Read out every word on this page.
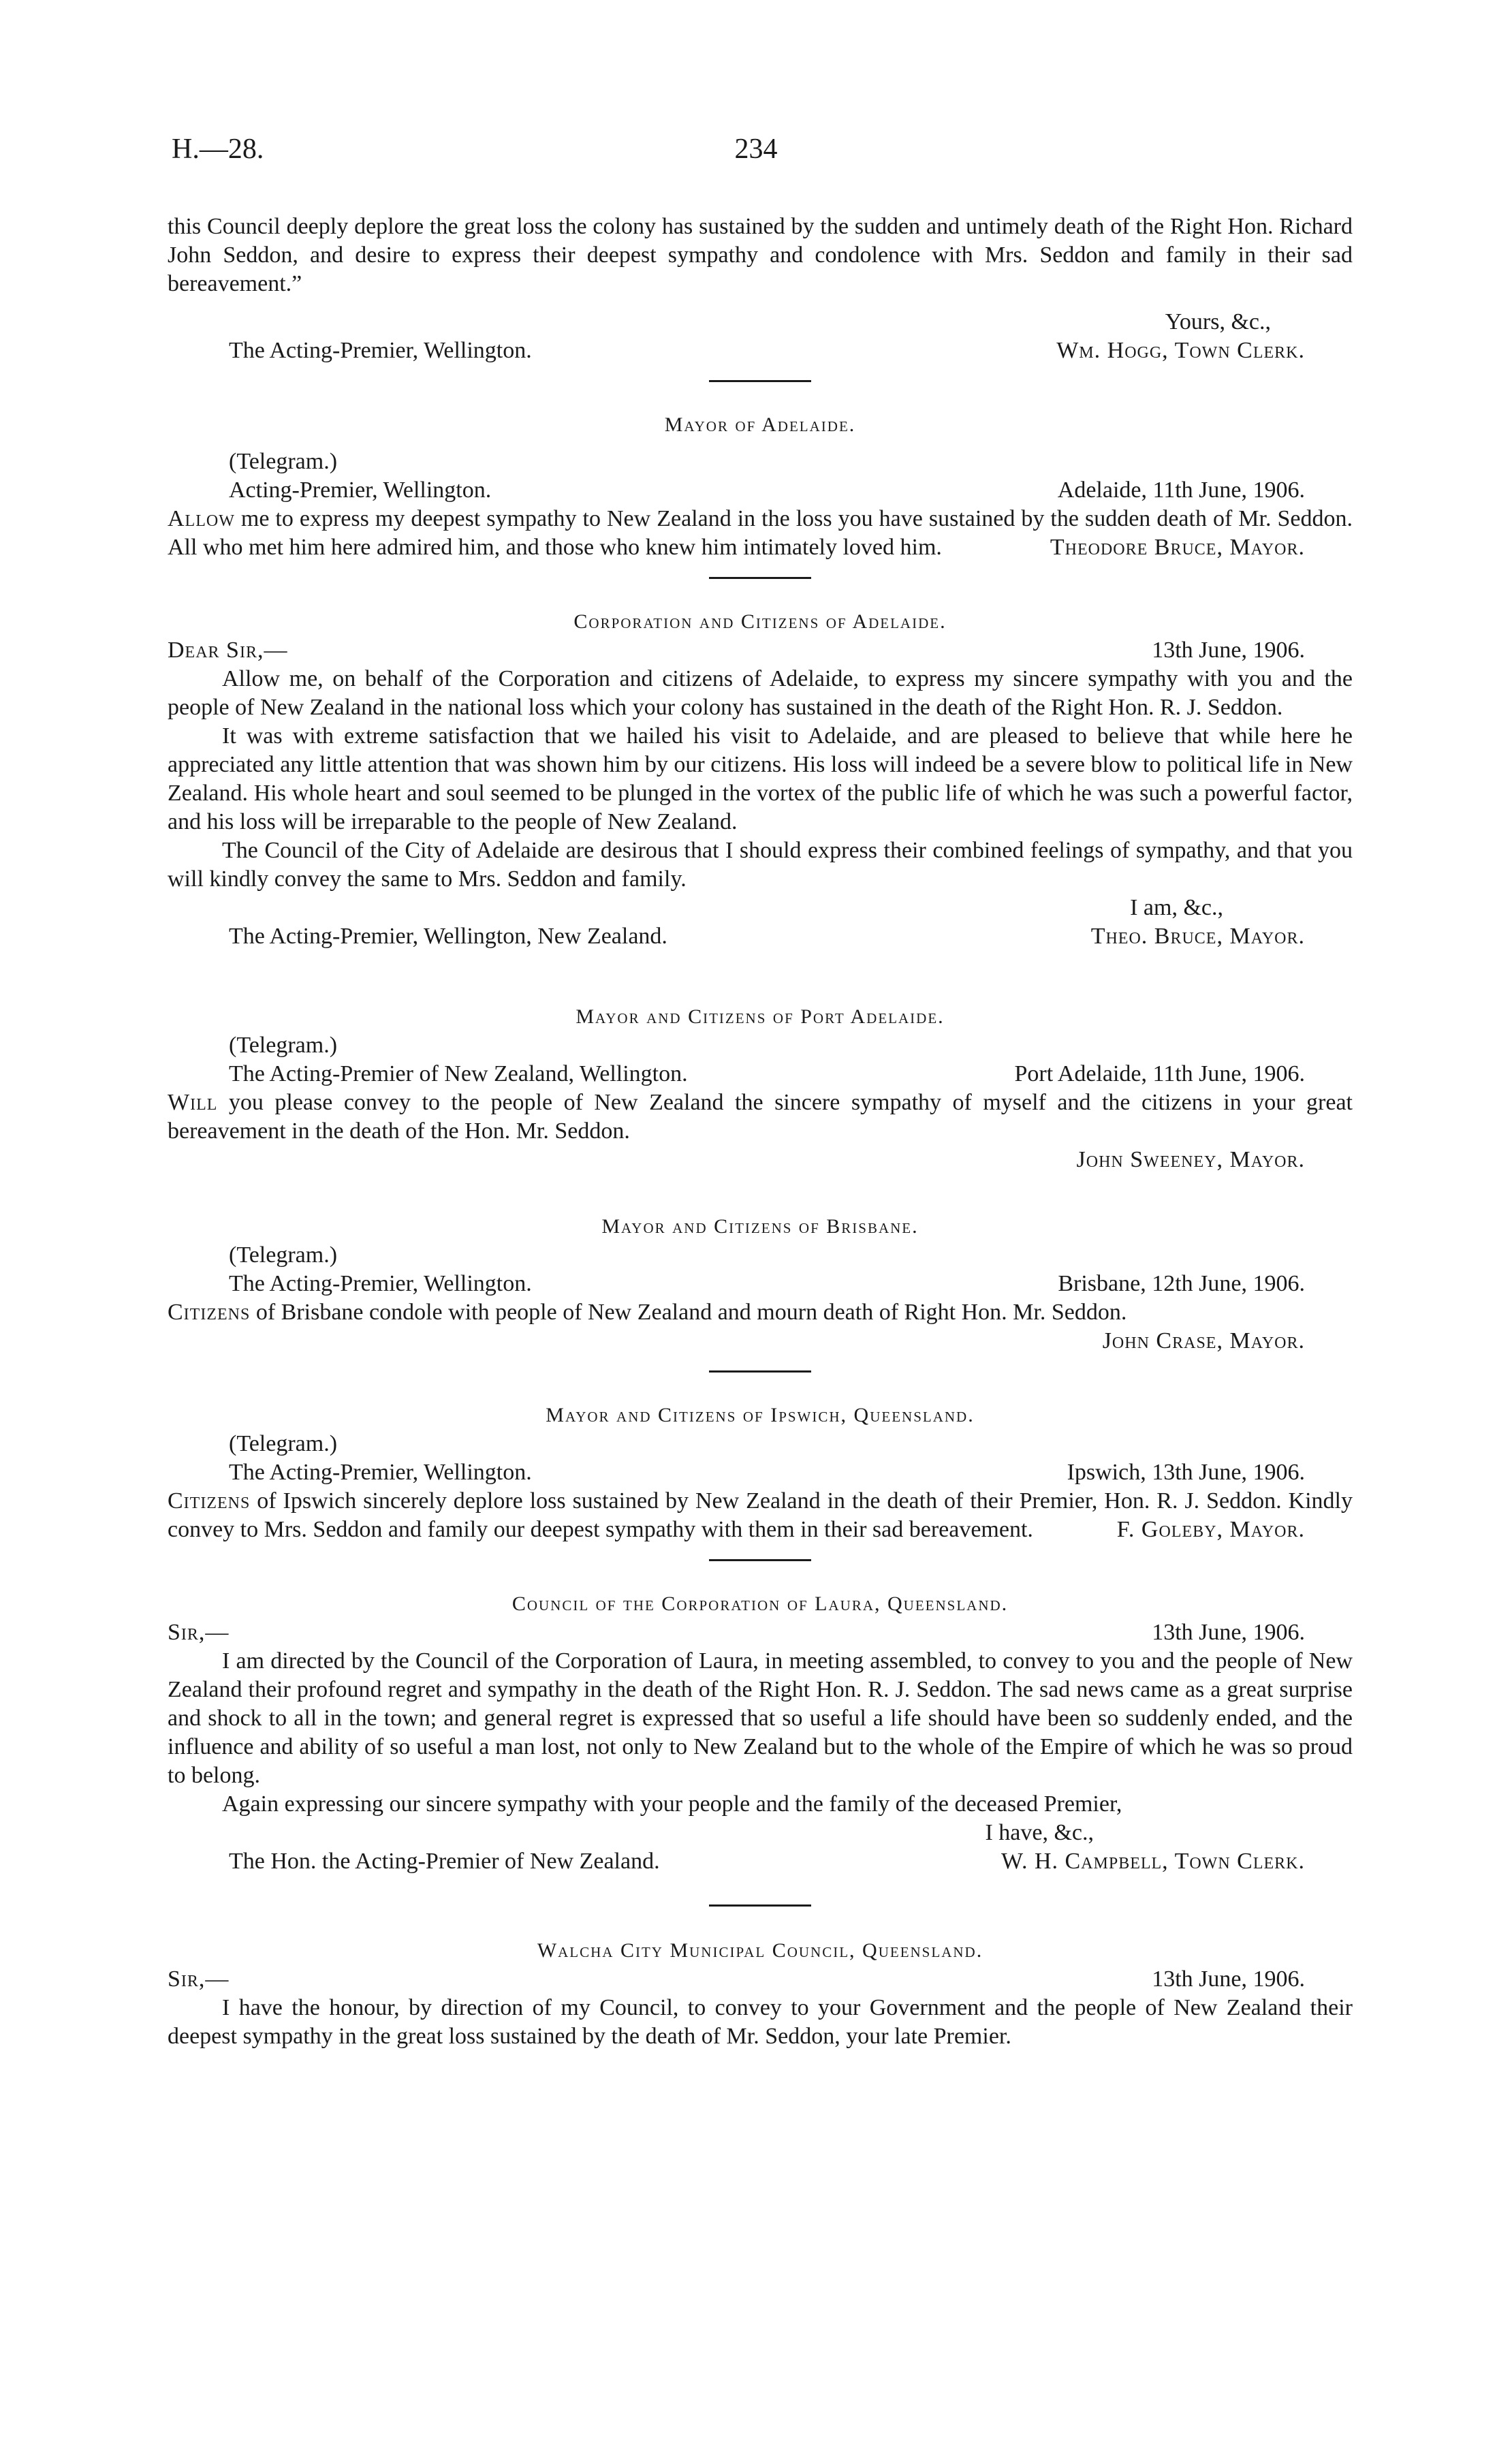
H.—28.	234

this Council deeply deplore the great loss the colony has sustained by the sudden and untimely death of the Right Hon. Richard John Seddon, and desire to express their deepest sympathy and condolence with Mrs. Seddon and family in their sad bereavement.”

Yours, &c.,

The Acting-Premier, Wellington.	Wm. Hogg, Town Clerk.

Mayor of Adelaide.

(Telegram.)

Acting-Premier, Wellington.	Adelaide, 11th June, 1906.

Allow me to express my deepest sympathy to New Zealand in the loss you have sustained by the sudden death of Mr. Seddon. All who met him here admired him, and those who knew him intimately loved him.	Theodore Bruce, Mayor.

Corporation and Citizens of Adelaide.

Dear Sir,—	13th June, 1906.

Allow me, on behalf of the Corporation and citizens of Adelaide, to express my sincere sympathy with you and the people of New Zealand in the national loss which your colony has sustained in the death of the Right Hon. R. J. Seddon.

It was with extreme satisfaction that we hailed his visit to Adelaide, and are pleased to believe that while here he appreciated any little attention that was shown him by our citizens. His loss will indeed be a severe blow to political life in New Zealand. His whole heart and soul seemed to be plunged in the vortex of the public life of which he was such a powerful factor, and his loss will be irreparable to the people of New Zealand.

The Council of the City of Adelaide are desirous that I should express their combined feelings of sympathy, and that you will kindly convey the same to Mrs. Seddon and family.

I am, &c.,

The Acting-Premier, Wellington, New Zealand.	Theo. Bruce, Mayor.

Mayor and Citizens of Port Adelaide.

(Telegram.)

The Acting-Premier of New Zealand, Wellington.	Port Adelaide, 11th June, 1906.

Will you please convey to the people of New Zealand the sincere sympathy of myself and the citizens in your great bereavement in the death of the Hon. Mr. Seddon.

John Sweeney, Mayor.

Mayor and Citizens of Brisbane.

(Telegram.)

The Acting-Premier, Wellington.	Brisbane, 12th June, 1906.

Citizens of Brisbane condole with people of New Zealand and mourn death of Right Hon. Mr. Seddon.

John Crase, Mayor.

Mayor and Citizens of Ipswich, Queensland.

(Telegram.)

The Acting-Premier, Wellington.	Ipswich, 13th June, 1906.

Citizens of Ipswich sincerely deplore loss sustained by New Zealand in the death of their Premier, Hon. R. J. Seddon. Kindly convey to Mrs. Seddon and family our deepest sympathy with them in their sad bereavement.	F. Goleby, Mayor.

Council of the Corporation of Laura, Queensland.

Sir,—	13th June, 1906.

I am directed by the Council of the Corporation of Laura, in meeting assembled, to convey to you and the people of New Zealand their profound regret and sympathy in the death of the Right Hon. R. J. Seddon. The sad news came as a great surprise and shock to all in the town; and general regret is expressed that so useful a life should have been so suddenly ended, and the influence and ability of so useful a man lost, not only to New Zealand but to the whole of the Empire of which he was so proud to belong.

Again expressing our sincere sympathy with your people and the family of the deceased Premier,

I have, &c.,

The Hon. the Acting-Premier of New Zealand.	W. H. Campbell, Town Clerk.

Walcha City Municipal Council, Queensland.

Sir,—	13th June, 1906.

I have the honour, by direction of my Council, to convey to your Government and the people of New Zealand their deepest sympathy in the great loss sustained by the death of Mr. Seddon, your late Premier.
